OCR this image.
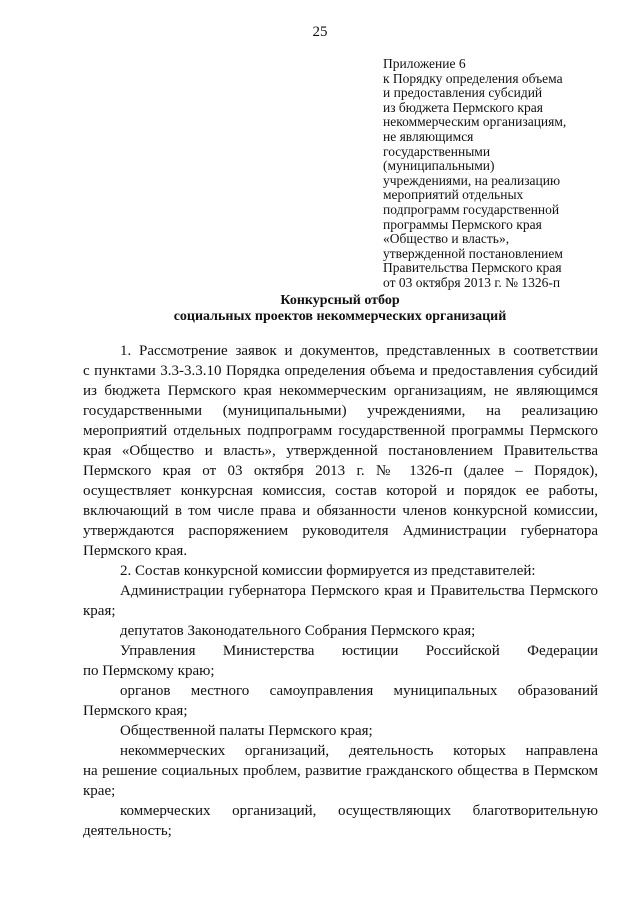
25
Приложение 6
к Порядку определения объема
и предоставления субсидий
из бюджета Пермского края
некоммерческим организациям,
не являющимся
государственными
(муниципальными)
учреждениями, на реализацию
мероприятий отдельных
подпрограмм государственной
программы Пермского края
«Общество и власть»,
утвержденной постановлением
Правительства Пермского края
от 03 октября 2013 г. № 1326-п
Конкурсный отбор
социальных проектов некоммерческих организаций
1. Рассмотрение заявок и документов, представленных в соответствии
с пунктами 3.3-3.3.10 Порядка определения объема и предоставления субсидий
из бюджета Пермского края некоммерческим организациям, не являющимся
государственными (муниципальными) учреждениями, на реализацию
мероприятий отдельных подпрограмм государственной программы Пермского
края «Общество и власть», утвержденной постановлением Правительства
Пермского края от 03 октября 2013 г. № 1326-п (далее – Порядок),
осуществляет конкурсная комиссия, состав которой и порядок ее работы,
включающий в том числе права и обязанности членов конкурсной комиссии,
утверждаются распоряжением руководителя Администрации губернатора
Пермского края.
2. Состав конкурсной комиссии формируется из представителей:
Администрации губернатора Пермского края и Правительства Пермского
края;
депутатов Законодательного Собрания Пермского края;
Управления Министерства юстиции Российской Федерации
по Пермскому краю;
органов местного самоуправления муниципальных образований
Пермского края;
Общественной палаты Пермского края;
некоммерческих организаций, деятельность которых направлена
на решение социальных проблем, развитие гражданского общества в Пермском
крае;
коммерческих организаций, осуществляющих благотворительную
деятельность;
